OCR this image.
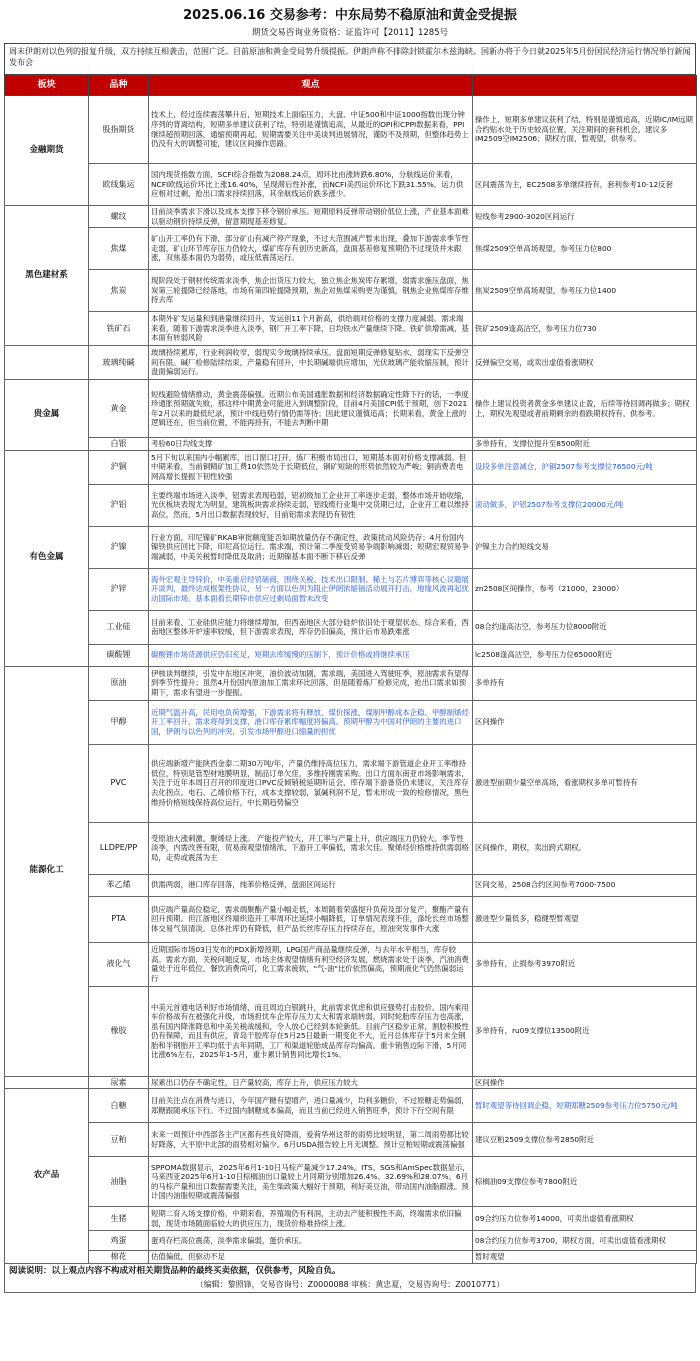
2025.06.16 交易参考：中东局势不稳原油和黄金受提振
期货交易咨询业务资格：证监许可【2011】1285号
周末伊朗对以色列的报复升级，双方持续互相袭击，范围广泛。目前原油和黄金受局势升级提振。伊朗声称不排除封锁霍尔木兹海峡。国新办将于今日就2025年5月份国民经济运行情况举行新闻发布会
板块	品种	观点	
金融期货	股指期货	技术上，经过连续震荡攀升后，短期技术上面临压力，大盘、中证500和中证1000指数出现分钟序列的背离结构，短期多单建议获利了结，特别是谨慎追高，从最近的OPI和CPPI数据来看，PPI继续超预期回落，通缩预期再起。短期需要关注中美谈判进展情况，谨防不及预期，但整体趋势上仍没有大的调整可能，建议区间操作思路。	操作上，短期多单建议获利了结，特别是谨慎追高，近期IC/IM远期合约贴水处于历史较高位置，关注期间的套利机会。建议多IM2509空IM2506；期权方面，暂观望，供参考。
	欧线集运	国内现货指数方面，SCFI综合指数为2088.24点，周环比由涨转跌6.80%，分航线运价来看，NCFI欧线运价环比上涨16.40%，呈现滞后性补涨，而NCFI美西运价环比下跌31.55%。运力供应相对过剩，抢出口需求持续回落，其余航线运价跌多涨少。	区间震荡为主，EC2508多单继续持有，套利参考10-12反套
黑色建材系	螺纹	目前淡季需求下滑以及成本支撑下移令钢价承压。短期原料反弹带动钢价低位上涨，产业基本面难以驱动钢价持续反弹，留意期现基差修复。	短线参考2900-3020区间运行
	焦煤	矿山开工率仍有下滑，部分矿山有减产停产现象，不过大范围减产暂未出现，叠加下游需求季节性走弱，矿山环节库存压力仍较大，煤矿库存有创历史新高，盘面基差修复预期仍不过现货并未跟涨，双焦基本面仍为弱势，或压低震荡运行。	焦煤2509空单高场观望，参考压力位800
	焦炭	现阶段处于钢材传统需求淡季，焦企出货压力较大，独立焦企焦炭库存累增，弱需求施压盘面，焦炭第三轮提降已经落地，市场有第四轮提降预期，焦企对焦煤采购更为谨慎，钢焦企业焦煤库存维持去库	焦炭2509空单高场观望，参考压力位1400
	铁矿石	本期外矿发运量和到港量继续回升，发运创11个月新高，供给端对价格的支撑力度减弱。需求端来看，随着下游需求淡季进入淡季，钢厂开工率下降，日均铁水产量继续下降。铁矿供增需减，基本面有转弱风险	铁矿2509逢高沽空，参考压力位730
	玻璃纯碱	玻璃持续累库，行业利润收窄，弱现实令玻璃持续承压。盘面短期反弹修复贴水，弱现实下反弹空间有限。碱厂检修陆续结束，产量稳有回升，中长期碱端供应增加，光伏玻璃产能收缩压制，预计盘面偏弱运行。	反弹偏空交易，或卖出虚值看涨期权
贵金属	黄金	短线避险情绪推动，黄金震荡偏强。近期公布美国通胀数据和经济数据确定性降下行的话，一季度珍通胀预期就失败，那这样中期黄金可能进入到调整阶段，目前4月美国CPI低于预期，创下2021年2月以来的最低纪录，预计中线趋势行情仍需等待；因此建议谨慎追高；长期来看，黄金上涨的逻辑还在，但当前位置，不能再持有，不能去判断中期	操作上建议投资者黄金多单建议止盈，后续等待回调再做多；期权上，期权先观望或者前期剩余的看跌期权持有，供参考。
	白银	考验60日均线支撑	多单持有，支撑位提升至8500附近
有色金属	沪铜	5月下旬以来国内小幅累库，出口窗口打开，炼厂积极市局出口，短期基本面对价格支撑减弱。但中期来看，当前铜精矿加工费10依然处于长期低位，铜矿短缺的形势依然较为严峻；铜消费表电网高增长提振下韧性较强	设段多单注意减仓，沪铜2507参考支撑位76500元/吨
	沪铝	主要终端市场进入淡季，铝需求表现趋弱，铝初级加工企业开工率逐步走弱，整体市场开始收缩，光伏板块表现尤为明显，建筑板块需求持续走弱，铝线缆行业集中交货期已过，企业开工难以维持高位，然而，5月出口数据表现较好，目前铝需求表现仍有韧性	滚动做多，沪铝2507参考支撑位20000元/吨
	沪镍	行业方面，印尼镍矿RKAB审批额度能否如期放量仍存不确定性，政策扰动风险仍存；4月份国内镍铁供应回比下降，印尼高位运行。需求端，预计第二季度受贸易争端影响减弱；短期宏观贸易争端减弱，中美关税暂时降低及取消；近期镍基本面不断下移后反弹	沪镍主力合约短线交易
	沪锌	海外宏观主导锌价，中美重启经贸磋商，围绕关税、技术出口限制、稀土与芯片博弈等核心议题展开谈判，最终达成框架性协议，另一方面以色列为阻止伊朗浓缩铀活动展开打击，地缘风波再起扰动国际市场。基本面看长期锌市供应过剩局面暂未改变	zn2508区间操作，参考（21000，23000）
	工业硅	目前来看，工业硅供应能力将继续增加，但西南地区大部分硅炉依旧处于观望状态。综合来看，西南地区整体开炉速率较缓，但下游需求表现，库存仍旧偏高，预计后市易跌难涨	08合约逢高沽空，参考压力位8000附近
	碳酸锂	碳酸锂市场货源供应仍旧充足，短期去库缓慢的压制下，预计价格或将继续承压	lc2508逢高沽空，参考压力位65000附近
能源化工	原油	伊核谈判继续，引发中东地区冲突，油价波动加剧，需求端，美国进入驾驶旺季，原油需求有望得到季节性提升；虽然4月份国内原油加工需求环比回落，但是随着炼厂检修完成，抢出口需求如预期下，需求有望进一步提振。	多单持有
	甲醇	近期气温升高，民用电负荷增强，下游需求将有释放，煤价探涨，煤制甲醇成本企稳。甲醇制烯烃开工率回升，需求将得到支撑，港口库存累库幅度将偏高。预期甲醇为中国对伊朗的主要的进口国，伊朗与以色列的冲突，引发市场甲醇进口缩量的担忧	区间操作
	PVC	供应端新增产能陕西金泰二期30万吨/年，产量仍维持高位压力，需求端下游管道企业开工率维持低位，特别是管型材地膜明显，制品订单欠佳，多维持刚需采购。出口方面东南亚市场影响需求，关注于近年本周日召开的印度进口PVC反倾销税延期听证会，库存端下游备货仍未建议，关注库存去化拐点。电石、乙烯价格下行，成本支撑较弱，氯碱利润不足，暂未形成一致的检修情况，黑色维持价格短线保持高位运行，中长期趋势偏空	激进型前期少量空单高场，看涨期权多单可暂持有
	LLDPE/PP	受原油大涨刺激，聚烯烃上涨。 产能投产较大，开工率与产量上升，供应端压力仍较大。季节性淡季，内需改善有限，贸易商观望情绪浓，下游开工率偏低，需求欠佳。聚烯烃价格维持供需弱格局，走势或震荡为主	区间操作，期权，卖出跨式期权。
	苯乙烯	供需两弱，港口库存回落，纯苯价格反弹，盘面区间运行	区间交易，2508合约区间参考7000-7500
	PTA	供应端产量高位稳定，需求端聚酯产量小幅走低，本周随着荣盛提升负荷及部分复产，聚酯产量有回升预期。但江浙地区终端织造开工率周环比延续小幅降低，订单情况表现不佳，涤纶长丝市场整体交易气氛清淡。总体社库仍有降低，但产品长丝库存压力持续存在，原油突发事件大涨	激进型少量低多，稳健型暂观望
	液化气	近期国际市场03日发布的PDX新增预期，LPG国产商品量继续反弹，与去年水平相当，库存较高。需求方面，关税问题反复，市场主体观望情绪有利空经济发展，燃烧需求处于淡季，汽油消费量处于近年低位，餐饮消费尚可，化工需求疲软，"气-油"比价依然偏高，预期液化气仍然偏弱运行	多单持有，止损参考3970附近
	橡胶	中美元首通电话利好市场情绪，而且周边白银跳升，此前需求优虑和供应强势打击胶价。国内乘用车价格战有在被强化升级，市场担忧车企库存压力太大和需求端转弱，同时轮胎库存压力也高涨，虽有国内降准降息和中美关税战缓和，令人放心已经到本轮新低。目前产区稳步正常，割胶积极性仍有保障，而且有供应，青岛干胶库存在5月25日最新一期变化不大，近月总体库存于5月末全钢胎和半钢胎开工率均低于去年同期，工厂和渠道轮胎成品库存均偏高。重卡销售边际下滑，5月同比涨6%左右，2025年1-5月，重卡累计销售同比增长1%。	多单持有，ru09支撑位13500附近
	尿素	尿素出口仍存不确定性，日产量较高，库存上升，供应压力较大	区间操作
农产品	白糖	目前关注点在消费与进口，今年国产糖有望增产，进口量减少，均利多糖价，不过原糖走势偏弱，郑糖跟随承压下行。不过国内制糖成本偏高，而且当前已经进入销售旺季，预计下行空间有限	暂时观望等待回调企稳，短期郑糖2509参考压力位5750元/吨
	豆粕	未来一周预计中西部各主产区都有些良好降雨，爱荷华州这带的雨势比较明显，第二周雨势都比较好降落，大平原中北部的雨势相对偏少。6月USDA报告较上月无调整。预计豆粕短期或震荡偏强	建议豆粕2509支撑位参考2850附近
	油脂	SPPOMA数据显示，2025年6月1-10日马棕产量减少17.24%。ITS、SGS和AmSpec数据显示，马来西亚2025年6月1-10日棕榈油出口量较上月同期分别增加26.4%、32.69%和28.07%。6月的马棕产量和出口数据需要关注，美生柴政策大幅好于预期，利好美豆油，带动国内油脂跟涨。预计国内油脂短期或震荡偏强	棕榈油09支撑位参考7800附近
	生猪	短期二育入场支撑价格，中期来看，养殖端仍有利润，主动去产能积极性不高，终端需求依旧偏弱，现货市场随面临较大的供应压力，现货价格难持续上涨。	09合约压力位参考14000，可卖出虚值看涨期权
	鸡蛋	蛋鸡存栏高位震荡，淡季需求偏弱，蛋价承压。	08合约压力位参考3700，期权方面，可卖出虚值看涨期权
	棉花	估值偏低，但驱动不足	暂时观望
阅读说明：以上观点内容不构成对相关期货品种的最终买卖依据，仅供参考，风险自负。
（编辑：黎照锋，交易咨询号：Z0000088 审核：黄忠夏，交易咨询号：Z0010771）
